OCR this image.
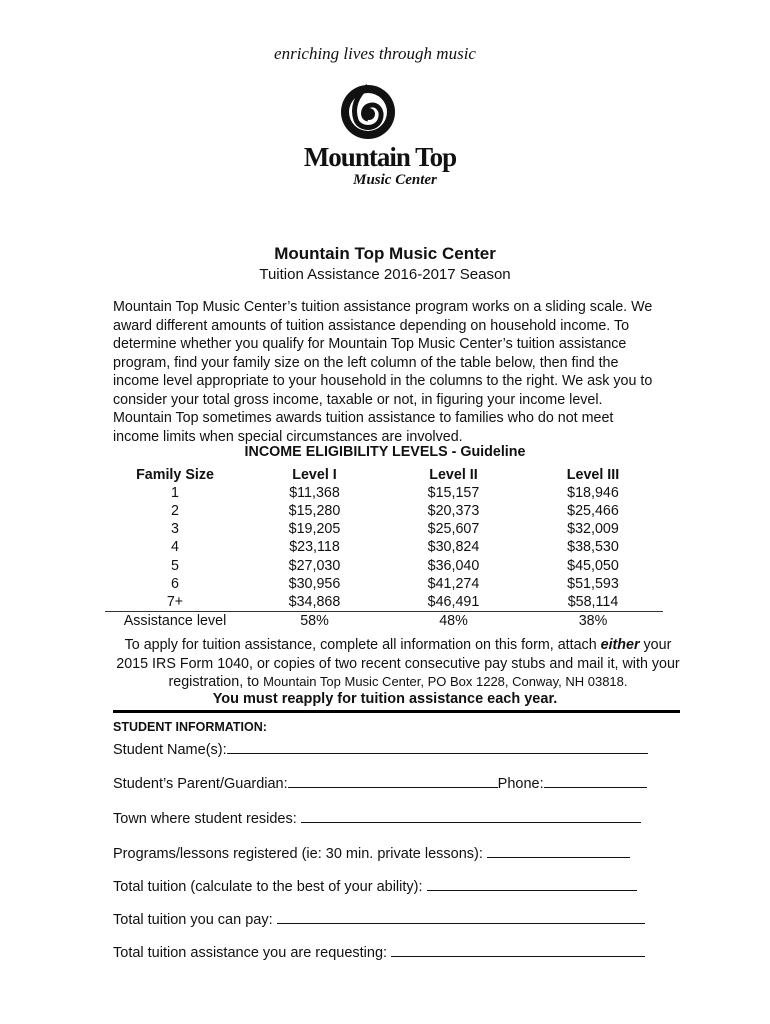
enriching lives through music
Mountain Top
Music Center
Mountain Top Music Center
Tuition Assistance 2016-2017 Season

Mountain Top Music Center’s tuition assistance program works on a sliding scale. We award different amounts of tuition assistance depending on household income. To determine whether you qualify for Mountain Top Music Center’s tuition assistance program, find your family size on the left column of the table below, then find the income level appropriate to your household in the columns to the right. We ask you to consider your total gross income, taxable or not, in figuring your income level. Mountain Top sometimes awards tuition assistance to families who do not meet income limits when special circumstances are involved.

INCOME ELIGIBILITY LEVELS - Guideline
Family Size	Level I	Level II	Level III
1	$11,368	$15,157	$18,946
2	$15,280	$20,373	$25,466
3	$19,205	$25,607	$32,009
4	$23,118	$30,824	$38,530
5	$27,030	$36,040	$45,050
6	$30,956	$41,274	$51,593
7+	$34,868	$46,491	$58,114
Assistance level	58%	48%	38%

To apply for tuition assistance, complete all information on this form, attach either your 2015 IRS Form 1040, or copies of two recent consecutive pay stubs and mail it, with your registration, to Mountain Top Music Center, PO Box 1228, Conway, NH 03818.

You must reapply for tuition assistance each year.
STUDENT INFORMATION:
Student Name(s):
Student’s Parent/Guardian:	Phone:
Town where student resides:
Programs/lessons registered (ie: 30 min. private lessons):
Total tuition (calculate to the best of your ability):
Total tuition you can pay:
Total tuition assistance you are requesting:
